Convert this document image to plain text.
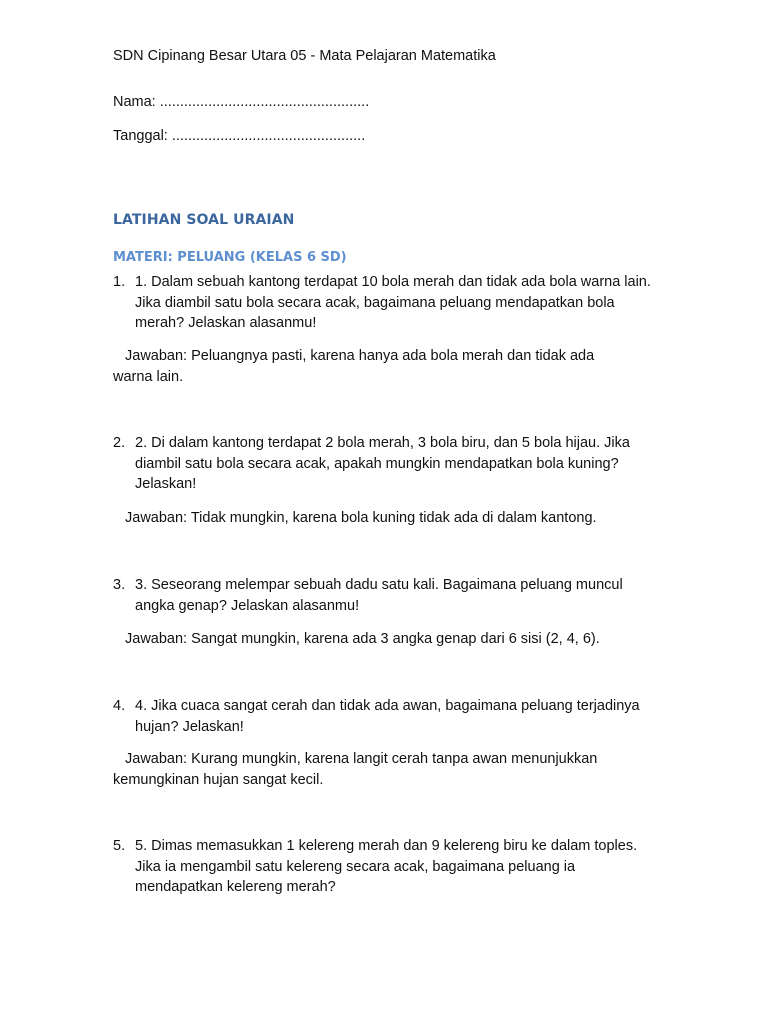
SDN Cipinang Besar Utara 05 - Mata Pelajaran Matematika
Nama: ....................................................
Tanggal: ................................................
LATIHAN SOAL URAIAN
MATERI: PELUANG (KELAS 6 SD)
1. 1. Dalam sebuah kantong terdapat 10 bola merah dan tidak ada bola warna lain. Jika diambil satu bola secara acak, bagaimana peluang mendapatkan bola merah? Jelaskan alasanmu!
Jawaban: Peluangnya pasti, karena hanya ada bola merah dan tidak ada warna lain.
2. 2. Di dalam kantong terdapat 2 bola merah, 3 bola biru, dan 5 bola hijau. Jika diambil satu bola secara acak, apakah mungkin mendapatkan bola kuning? Jelaskan!
Jawaban: Tidak mungkin, karena bola kuning tidak ada di dalam kantong.
3. 3. Seseorang melempar sebuah dadu satu kali. Bagaimana peluang muncul angka genap? Jelaskan alasanmu!
Jawaban: Sangat mungkin, karena ada 3 angka genap dari 6 sisi (2, 4, 6).
4. 4. Jika cuaca sangat cerah dan tidak ada awan, bagaimana peluang terjadinya hujan? Jelaskan!
Jawaban: Kurang mungkin, karena langit cerah tanpa awan menunjukkan kemungkinan hujan sangat kecil.
5. 5. Dimas memasukkan 1 kelereng merah dan 9 kelereng biru ke dalam toples. Jika ia mengambil satu kelereng secara acak, bagaimana peluang ia mendapatkan kelereng merah?
